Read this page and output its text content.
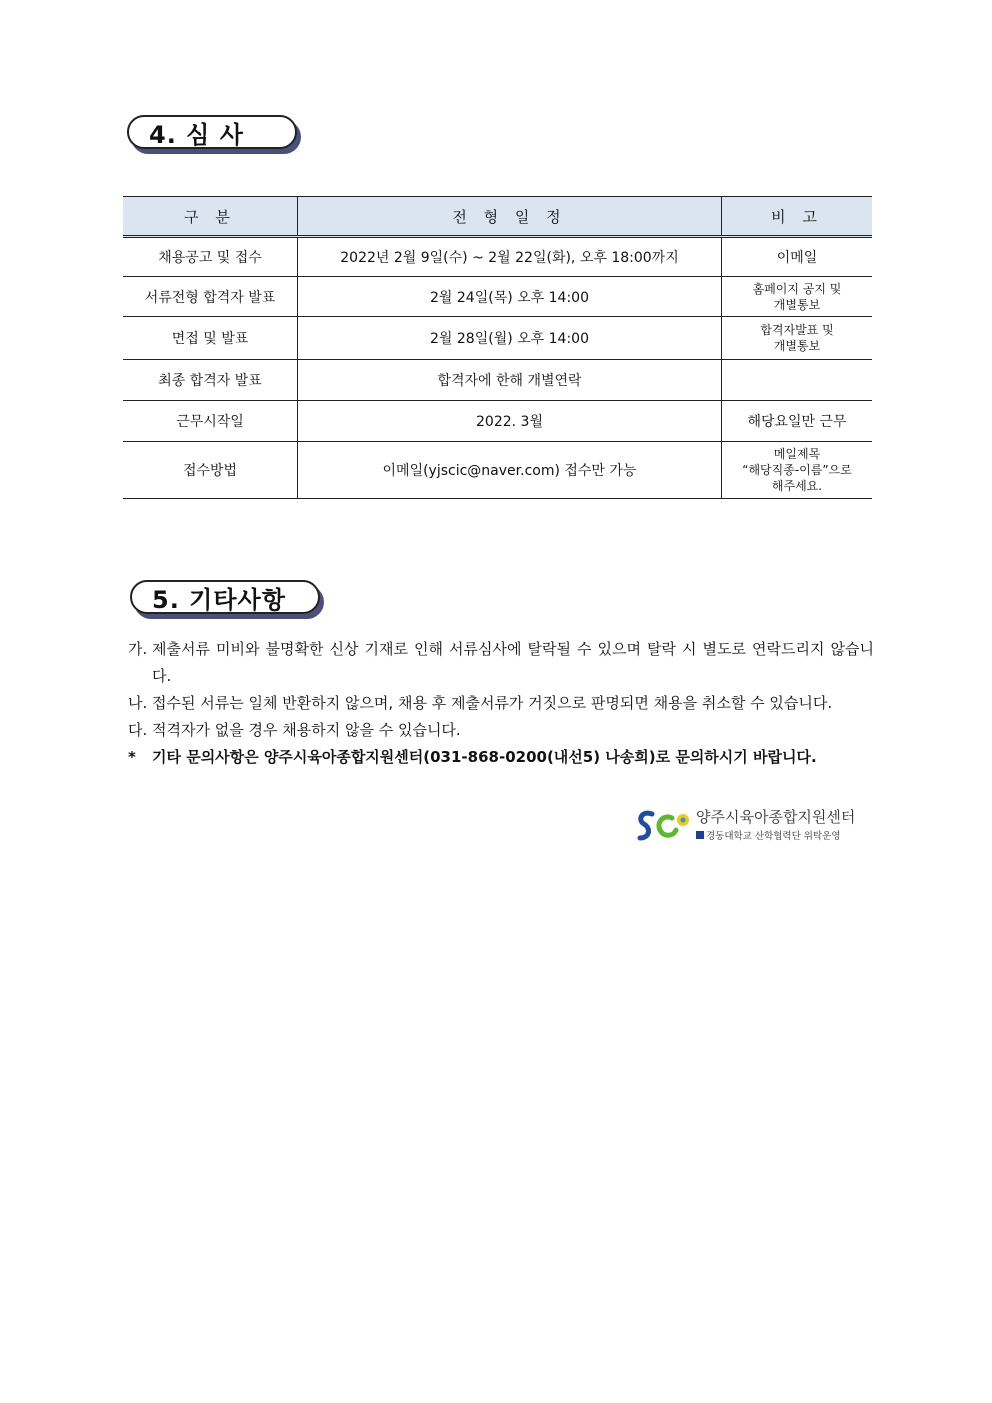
4. 심 사
구 분	전 형 일 정	비 고
채용공고 및 접수	2022년 2월 9일(수) ~ 2월 22일(화), 오후 18:00까지	이메일
서류전형 합격자 발표	2월 24일(목) 오후 14:00	홈페이지 공지 및
개별통보

면접 및 발표	2월 28일(월) 오후 14:00	합격자발표 및
개별통보

최종 합격자 발표	합격자에 한해 개별연락	
근무시작일	2022. 3월	해당요일만 근무
접수방법	이메일(yjscic@naver.com) 접수만 가능	메일제목
“해당직종-이름”으로
해주세요.
5. 기타사항
가. 제출서류 미비와 불명확한 신상 기재로 인해 서류심사에 탈락될 수 있으며 탈락 시 별도로 연락드리지 않습니다.
나. 접수된 서류는 일체 반환하지 않으며, 채용 후 제출서류가 거짓으로 판명되면 채용을 취소할 수 있습니다.
다. 적격자가 없을 경우 채용하지 않을 수 있습니다.
*	기타 문의사항은 양주시육아종합지원센터(031-868-0200(내선5) 나송희)로 문의하시기 바랍니다.
양주시육아종합지원센터
경동대학교 산학협력단 위탁운영
